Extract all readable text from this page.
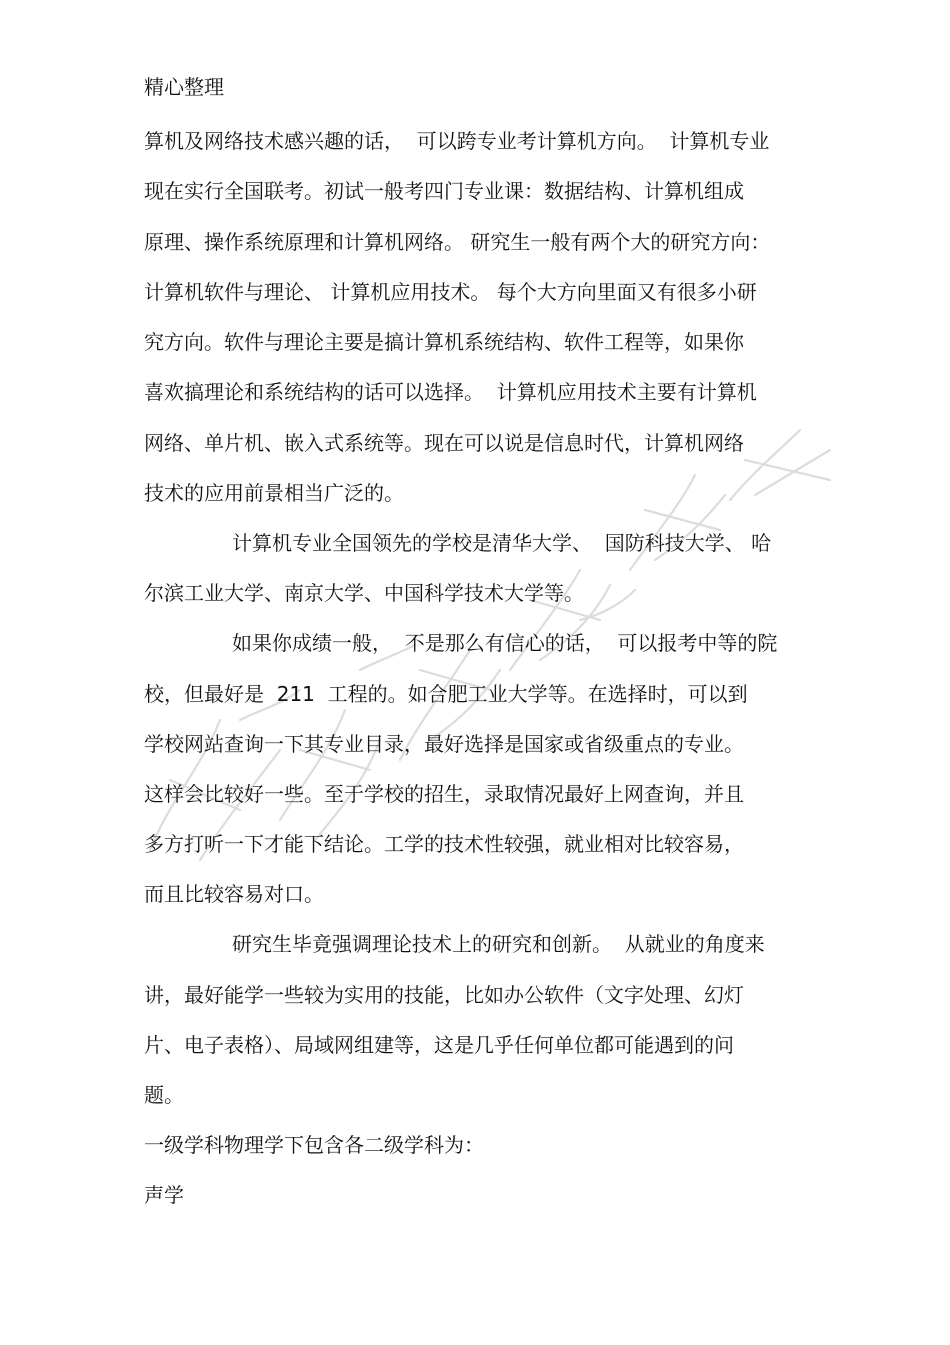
精心整理
算机及网络技术感兴趣的话，  可以跨专业考计算机方向。  计算机专业
现在实行全国联考。初试一般考四门专业课：数据结构、计算机组成
原理、操作系统原理和计算机网络。 研究生一般有两个大的研究方向：
计算机软件与理论、 计算机应用技术。 每个大方向里面又有很多小研
究方向。软件与理论主要是搞计算机系统结构、软件工程等，如果你
喜欢搞理论和系统结构的话可以选择。  计算机应用技术主要有计算机
网络、单片机、嵌入式系统等。现在可以说是信息时代，计算机网络
技术的应用前景相当广泛的。
计算机专业全国领先的学校是清华大学、  国防科技大学、 哈
尔滨工业大学、南京大学、中国科学技术大学等。
如果你成绩一般，  不是那么有信心的话，  可以报考中等的院
校，但最好是  211  工程的。如合肥工业大学等。在选择时，可以到
学校网站查询一下其专业目录，最好选择是国家或省级重点的专业。
这样会比较好一些。至于学校的招生，录取情况最好上网查询，并且
多方打听一下才能下结论。工学的技术性较强，就业相对比较容易，
而且比较容易对口。
研究生毕竟强调理论技术上的研究和创新。  从就业的角度来
讲，最好能学一些较为实用的技能，比如办公软件（文字处理、幻灯
片、电子表格）、局域网组建等，这是几乎任何单位都可能遇到的问
题。
一级学科物理学下包含各二级学科为：
声学
